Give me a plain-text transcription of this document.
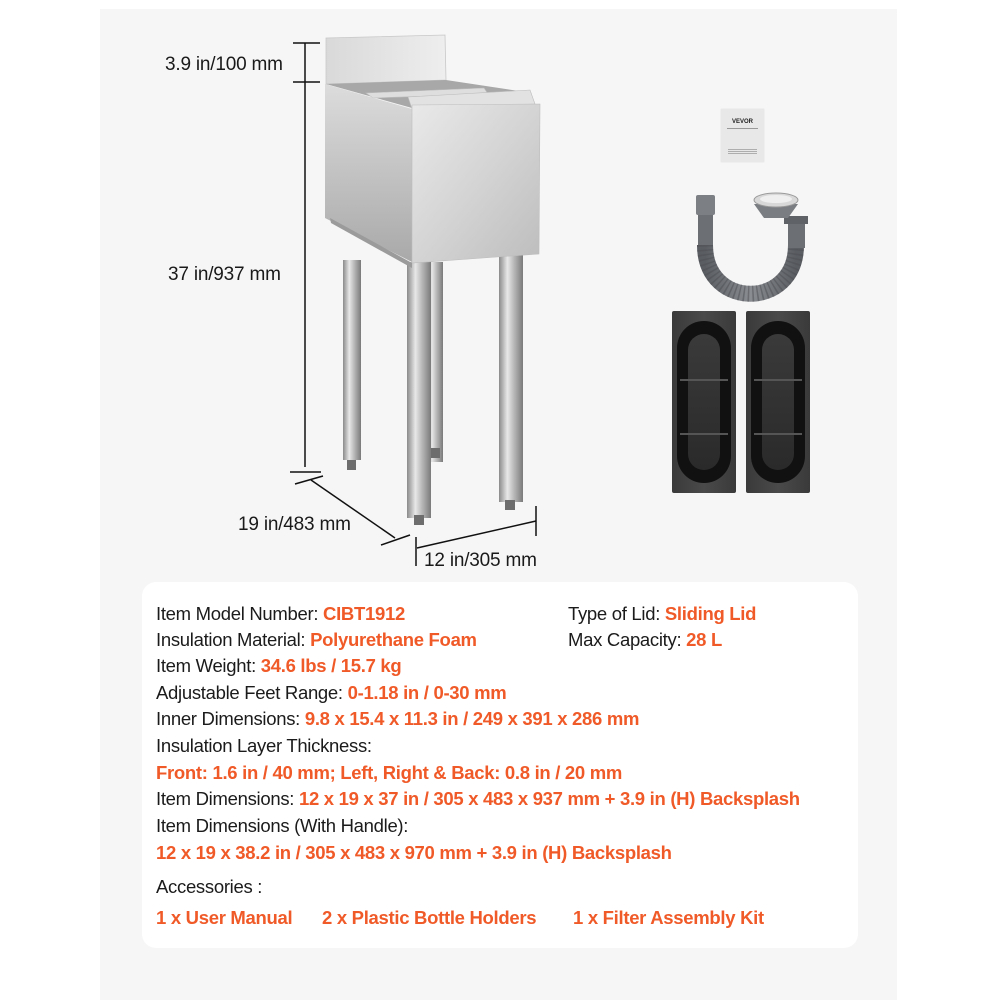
3.9 in/100 mm
37 in/937 mm
19 in/483 mm
12 in/305 mm
VEVOR
Item Model Number: CIBT1912	Type of Lid: Sliding Lid
Insulation Material: Polyurethane Foam	Max Capacity: 28 L
Item Weight: 34.6 lbs / 15.7 kg
Adjustable Feet Range: 0-1.18 in / 0-30 mm
Inner Dimensions: 9.8 x 15.4 x 11.3 in / 249 x 391 x 286 mm
Insulation Layer Thickness:
Front: 1.6 in / 40 mm; Left, Right & Back: 0.8 in / 20 mm
Item Dimensions: 12 x 19 x 37 in / 305 x 483 x 937 mm + 3.9 in (H) Backsplash
Item Dimensions (With Handle):
12 x 19 x 38.2 in / 305 x 483 x 970 mm + 3.9 in (H) Backsplash
Accessories :
1 x User Manual 2 x Plastic Bottle Holders 1 x Filter Assembly Kit
